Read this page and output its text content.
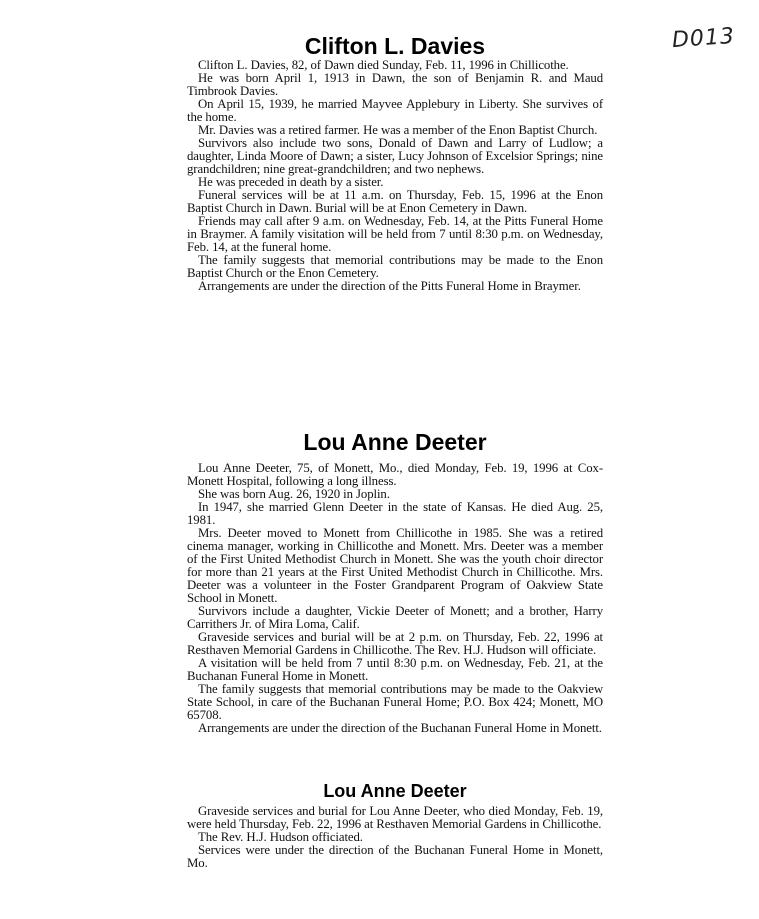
D013
Clifton L. Davies

Clifton L. Davies, 82, of Dawn died Sunday, Feb. 11, 1996 in Chillicothe.

He was born April 1, 1913 in Dawn, the son of Benjamin R. and Maud Timbrook Davies.

On April 15, 1939, he married Mayvee Applebury in Liberty. She survives of the home.

Mr. Davies was a retired farmer. He was a member of the Enon Baptist Church.

Survivors also include two sons, Donald of Dawn and Larry of Ludlow; a daughter, Linda Moore of Dawn; a sister, Lucy Johnson of Excelsior Springs; nine grandchildren; nine great-grandchildren; and two nephews.

He was preceded in death by a sister.

Funeral services will be at 11 a.m. on Thursday, Feb. 15, 1996 at the Enon Baptist Church in Dawn. Burial will be at Enon Cemetery in Dawn.

Friends may call after 9 a.m. on Wednesday, Feb. 14, at the Pitts Funeral Home in Braymer. A family visitation will be held from 7 until 8:30 p.m. on Wednesday, Feb. 14, at the funeral home.

The family suggests that memorial contributions may be made to the Enon Baptist Church or the Enon Cemetery.

Arrangements are under the direction of the Pitts Funeral Home in Braymer.

Lou Anne Deeter

Lou Anne Deeter, 75, of Monett, Mo., died Monday, Feb. 19, 1996 at Cox-Monett Hospital, following a long illness.

She was born Aug. 26, 1920 in Joplin.

In 1947, she married Glenn Deeter in the state of Kansas. He died Aug. 25, 1981.

Mrs. Deeter moved to Monett from Chillicothe in 1985. She was a retired cinema manager, working in Chillicothe and Monett. Mrs. Deeter was a member of the First United Methodist Church in Monett. She was the youth choir director for more than 21 years at the First United Methodist Church in Chillicothe. Mrs. Deeter was a volunteer in the Foster Grandparent Program of Oakview State School in Monett.

Survivors include a daughter, Vickie Deeter of Monett; and a brother, Harry Carrithers Jr. of Mira Loma, Calif.

Graveside services and burial will be at 2 p.m. on Thursday, Feb. 22, 1996 at Resthaven Memorial Gardens in Chillicothe. The Rev. H.J. Hudson will officiate.

A visitation will be held from 7 until 8:30 p.m. on Wednesday, Feb. 21, at the Buchanan Funeral Home in Monett.

The family suggests that memorial contributions may be made to the Oakview State School, in care of the Buchanan Funeral Home; P.O. Box 424; Monett, MO 65708.

Arrangements are under the direction of the Buchanan Funeral Home in Monett.

Lou Anne Deeter

Graveside services and burial for Lou Anne Deeter, who died Monday, Feb. 19, were held Thursday, Feb. 22, 1996 at Resthaven Memorial Gardens in Chillicothe.

The Rev. H.J. Hudson officiated.

Services were under the direction of the Buchanan Funeral Home in Monett, Mo.
